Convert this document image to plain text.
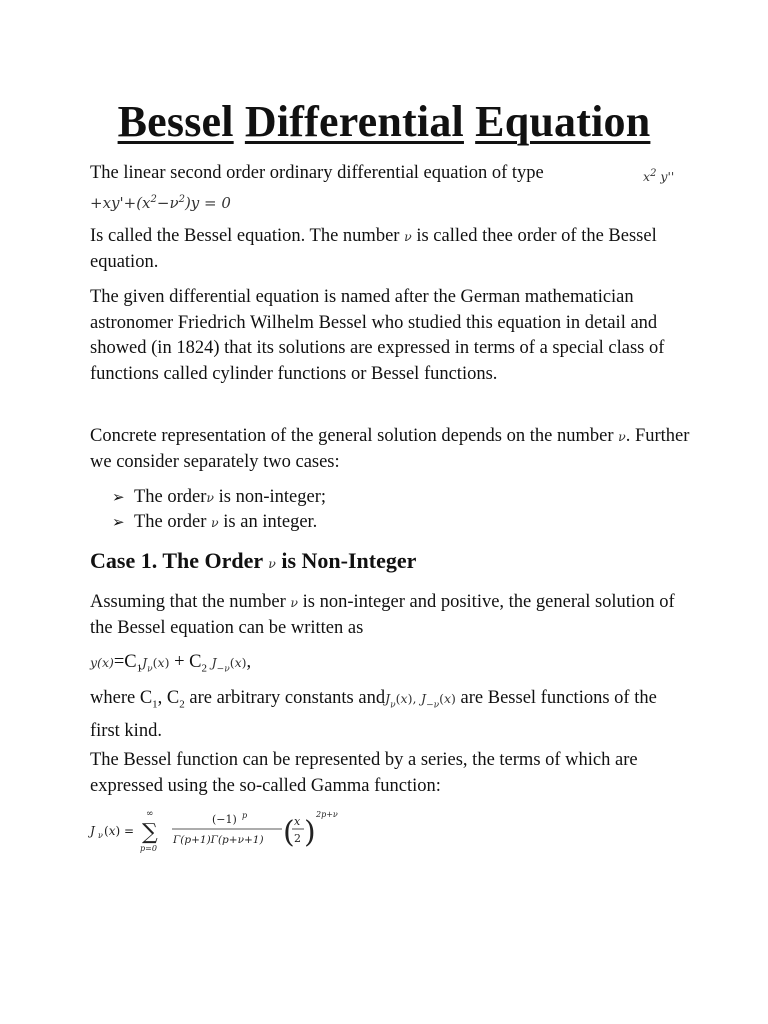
Bessel Differential Equation
The linear second order ordinary differential equation of type	$x^2$ y''
$+xy'+(x^2-\nu^2)y = 0$
Is called the Bessel equation. The number ν is called thee order of the Bessel equation.
The given differential equation is named after the German mathematician astronomer Friedrich Wilhelm Bessel who studied this equation in detail and showed (in 1824) that its solutions are expressed in terms of a special class of functions called cylinder functions or Bessel functions.
Concrete representation of the general solution depends on the number ν. Further we consider separately two cases:
➢ The orderν is non-integer;
➢ The order ν is an integer.
Case 1. The Order ν is Non-Integer
Assuming that the number ν is non-integer and positive, the general solution of the Bessel equation can be written as
$y(x)=C_1J_\nu(x) + C_2$ $J_{-\nu}(x)$,
where $C_1$, $C_2$ are arbitrary constants andJ$_\nu$(x), $J_{-\nu}(x)$ are Bessel functions of the first kind.
The Bessel function can be represented by a series, the terms of which are expressed using the so-called Gamma function:
J ν (x) =
∞
∑
p=0
(−1) p
Γ(p+1)Γ(p+ν+1) ( x
2 )
2p+ν
